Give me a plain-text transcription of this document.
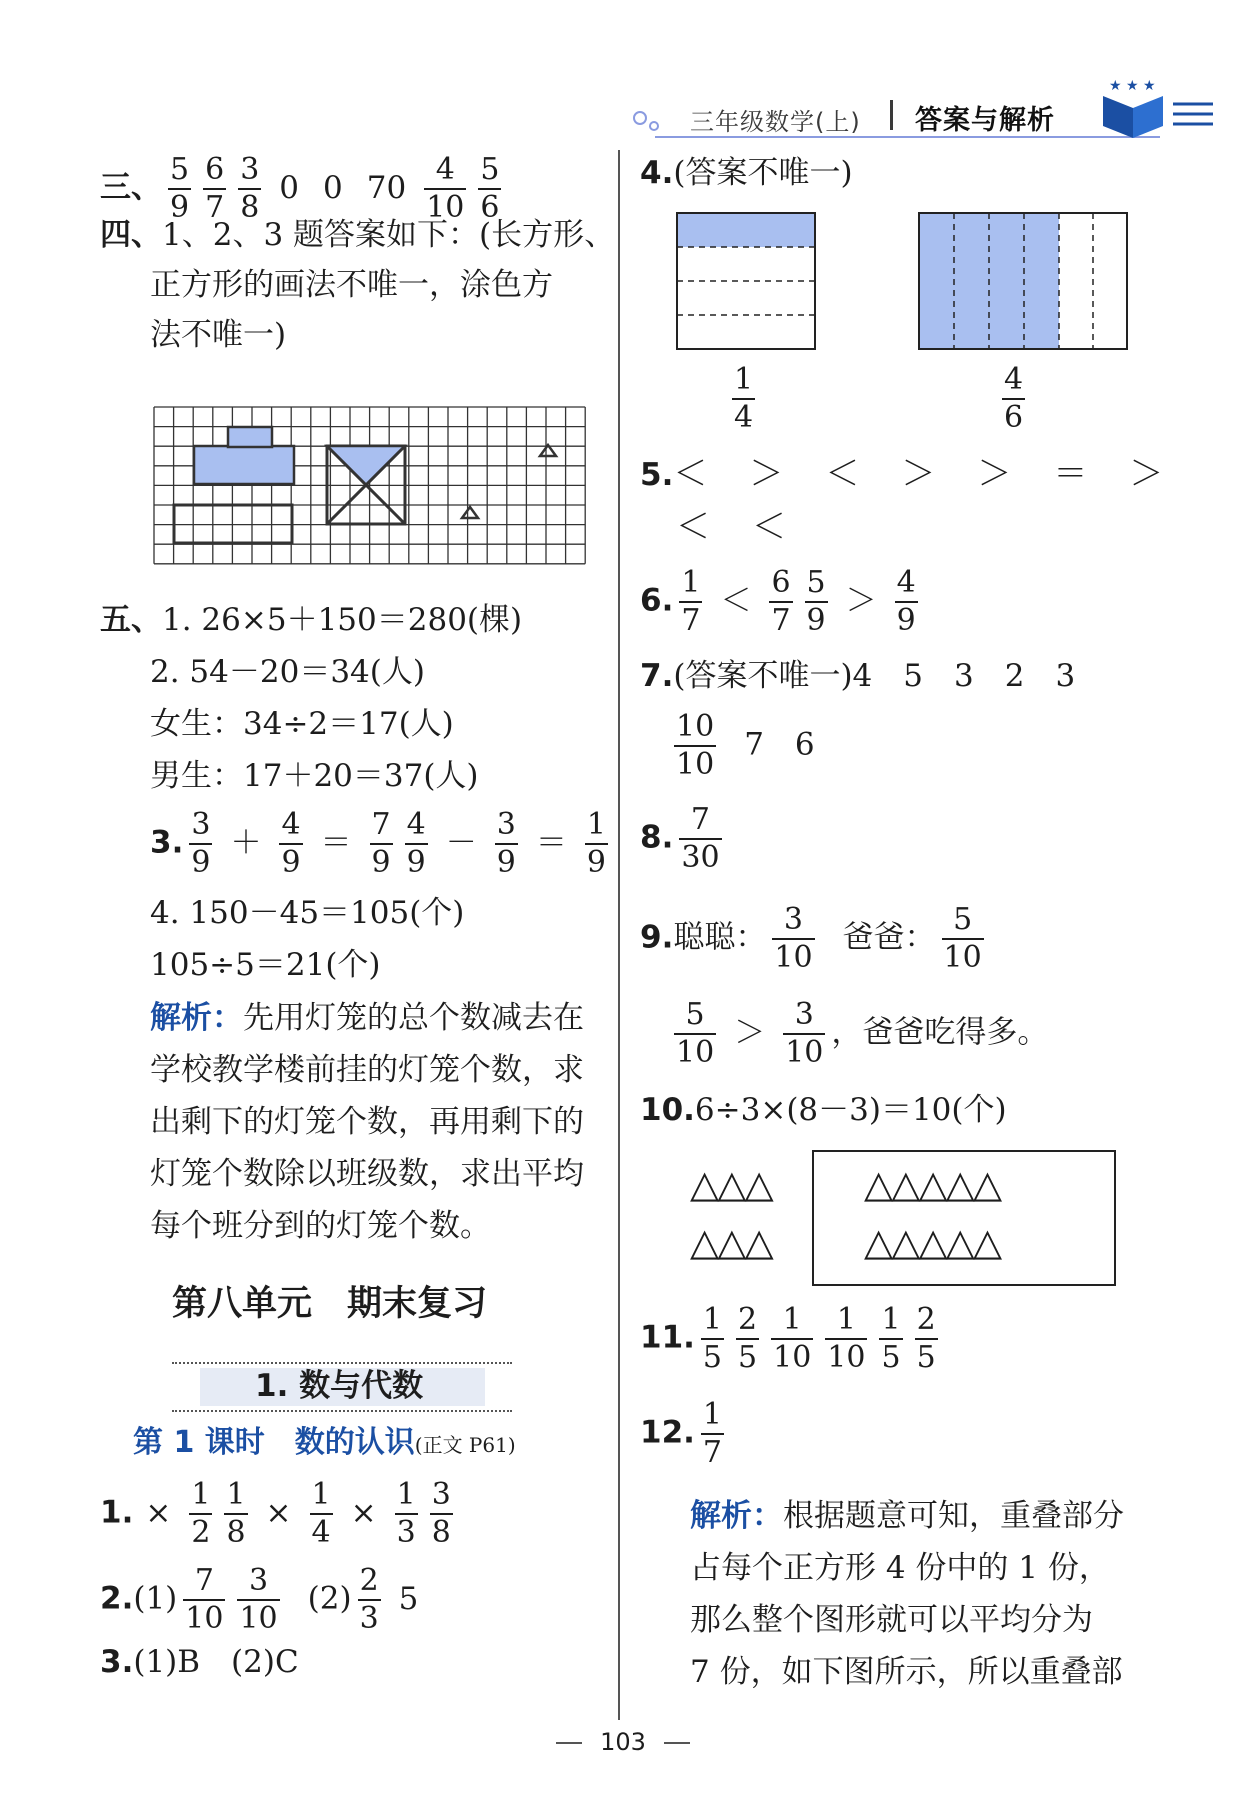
三年级数学(上) 答案与解析
★ ★ ★
三、 $\frac{5}{9} \frac{6}{7} \frac{3}{8} 0$ 0 $70 \frac{4}{10} \frac{5}{6}$
四、1、2、3 题答案如下：(长方形、
正方形的画法不唯一，涂色方
法不唯一)
五、1. 26×5＋150＝280(棵)
2. 54－20＝34(人)
女生：34÷2＝17(人)
男生：17＋20＝37(人)
3. $\frac{3}{9} + \frac{4}{9} = \frac{7}{9} \frac{4}{9} - \frac{3}{9} = \frac{1}{9}$
4. 150－45＝105(个)
105÷5＝21(个)
解析：先用灯笼的总个数减去在
学校教学楼前挂的灯笼个数，求
出剩下的灯笼个数，再用剩下的
灯笼个数除以班级数，求出平均
每个班分到的灯笼个数。
第八单元　期末复习
1. 数与代数
第 1 课时　数的认识(正文 P61)
1. × $\frac{1}{2} \frac{1}{8} \times \frac{1}{4} \times \frac{1}{3} \frac{3}{8}$
$2.(1) \frac{7}{10} \frac{3}{10} (2) \frac{2}{3} 5$
3.(1)B　(2)C
4.(答案不唯一)
$\frac{1}{4}$	$\frac{4}{6}$
5.＜　＞　＜　＞　＞　＝　＞
＜　＜
6. $\frac{1}{7} < \frac{6}{7} \frac{5}{9} > \frac{4}{9}$
7.(答案不唯一)4　5　3　2　3
$\frac{10}{10} 7$　6
8. $\frac{7}{30}$
9.聪聪： $\frac{3}{10}$ 爸爸： $\frac{5}{10}$
$\frac{5}{10} > \frac{3}{10}$ ，爸爸吃得多。
10.6÷3×(8－3)＝10(个)
△△△
△△△
△△△△△
△△△△△
11. $\frac{1}{5} \frac{2}{5} \frac{1}{10} \frac{1}{10} \frac{1}{5} \frac{2}{5}$
12. $\frac{1}{7}$
解析：根据题意可知，重叠部分
占每个正方形 4 份中的 1 份，
那么整个图形就可以平均分为
7 份，如下图所示，所以重叠部
103
